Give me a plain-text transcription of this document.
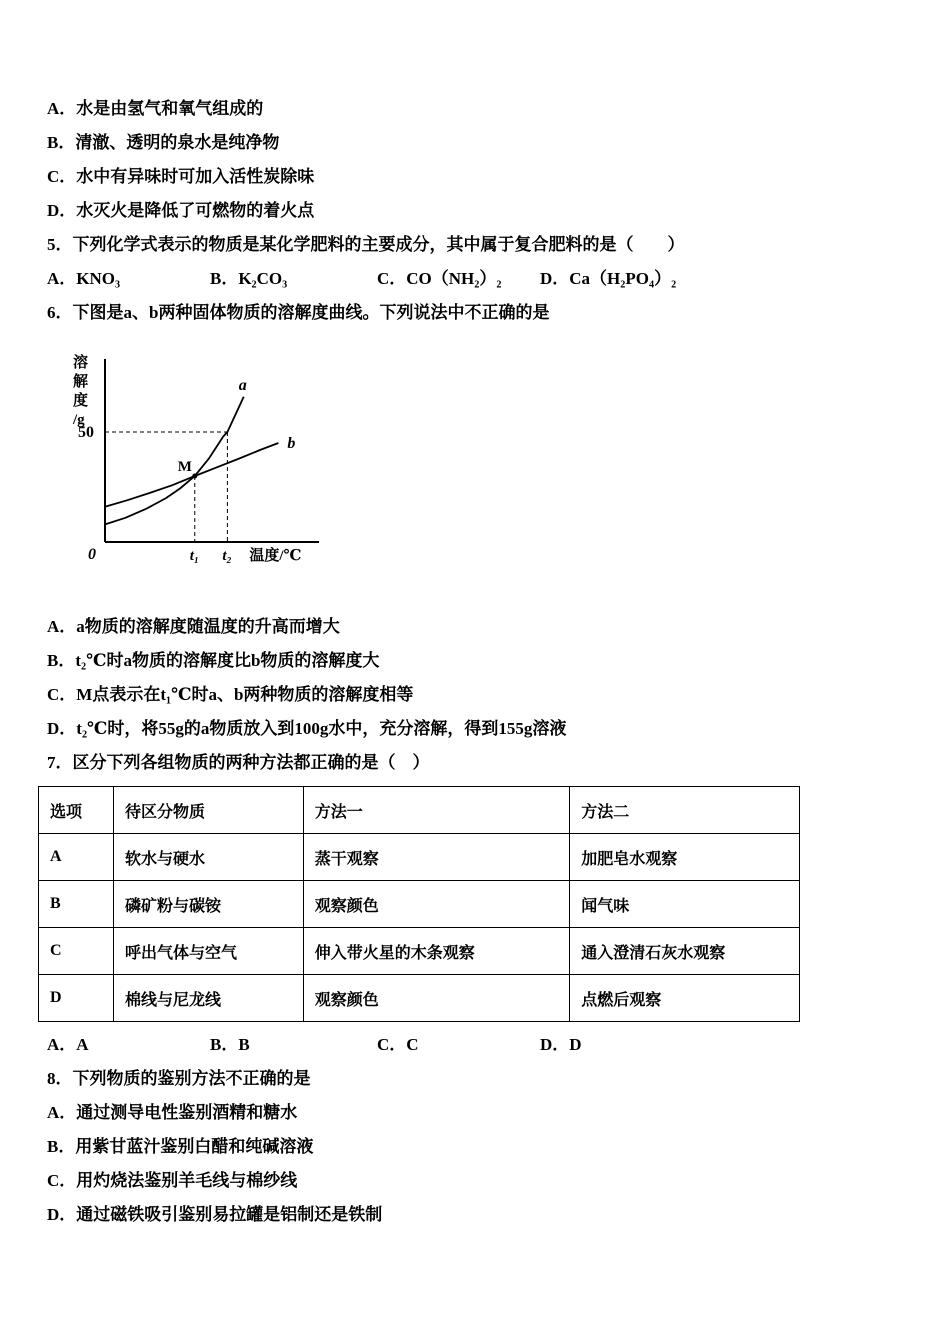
A．水是由氢气和氧气组成的

B．清澈、透明的泉水是纯净物

C．水中有异味时可加入活性炭除味

D．水灭火是降低了可燃物的着火点

5．下列化学式表示的物质是某化学肥料的主要成分，其中属于复合肥料的是（　　）

A．KNO₃	B．K₂CO₃	C．CO（NH₂）₂	D．Ca（H₂PO₄）₂

6．下图是a、b两种固体物质的溶解度曲线。下列说法中不正确的是

a
b
M
50
0	t₁ t₂ 温度/℃
溶
解
度
/g

A．a物质的溶解度随温度的升高而增大

B．t₂℃时a物质的溶解度比b物质的溶解度大

C．M点表示在t₁℃时a、b两种物质的溶解度相等

D．t₂℃时，将55g的a物质放入到100g水中，充分溶解，得到155g溶液

7．区分下列各组物质的两种方法都正确的是（　）

选项	待区分物质	方法一	方法二
A	软水与硬水	蒸干观察	加肥皂水观察
B	磷矿粉与碳铵	观察颜色	闻气味
C	呼出气体与空气	伸入带火星的木条观察	通入澄清石灰水观察
D	棉线与尼龙线	观察颜色	点燃后观察
A．A	B．B	C．C	D．D

8．下列物质的鉴别方法不正确的是

A．通过测导电性鉴别酒精和糖水

B．用紫甘蓝汁鉴别白醋和纯碱溶液

C．用灼烧法鉴别羊毛线与棉纱线

D．通过磁铁吸引鉴别易拉罐是铝制还是铁制
